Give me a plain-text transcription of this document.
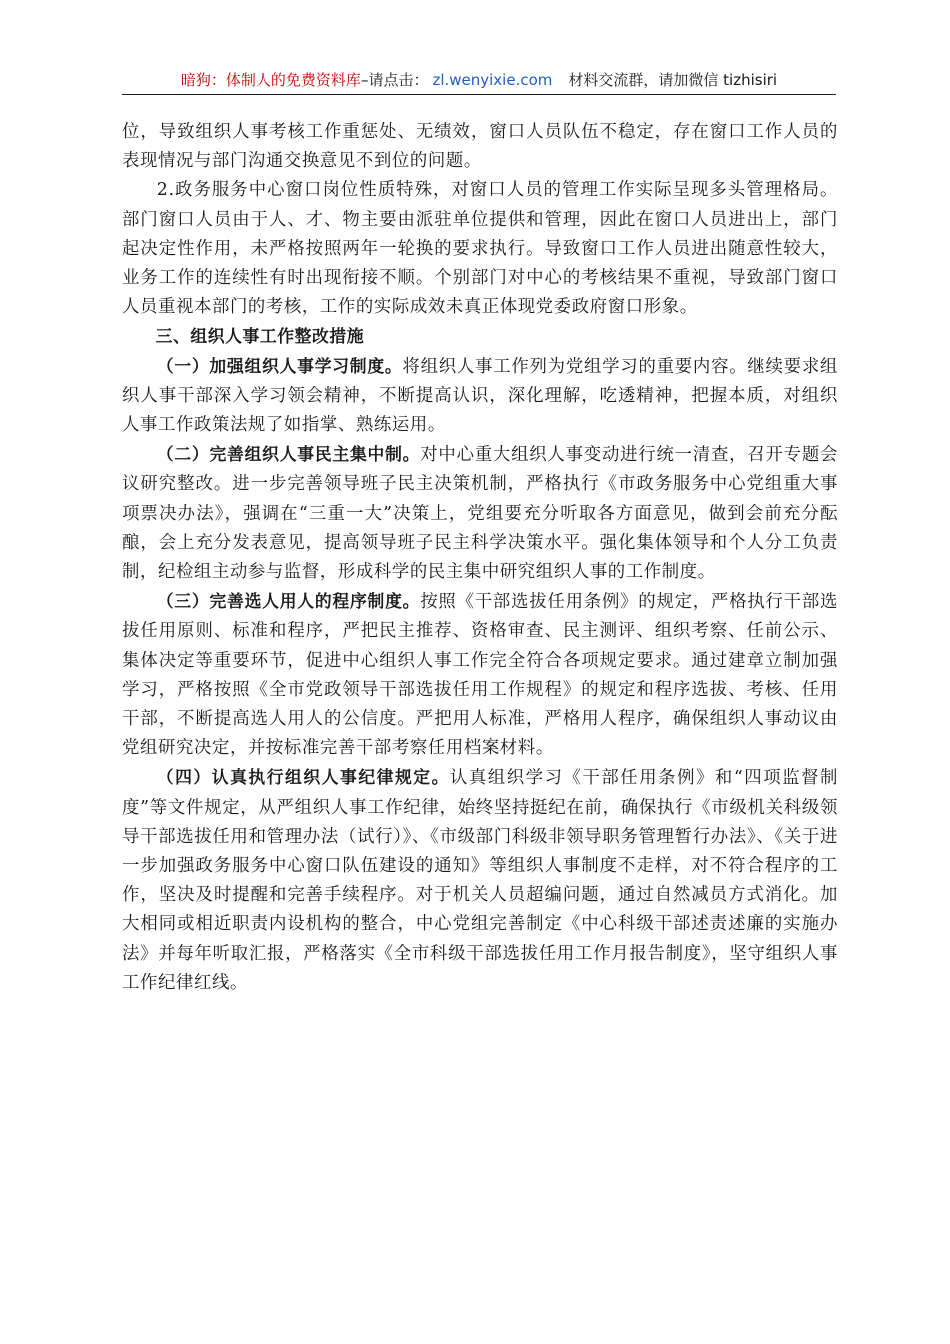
暗狗：体制人的免费资料库–请点击： zl.wenyixie.com 材料交流群，请加微信 tizhisiri

位，导致组织人事考核工作重惩处、无绩效，窗口人员队伍不稳定，存在窗口工作人员的表现情况与部门沟通交换意见不到位的问题。

2.政务服务中心窗口岗位性质特殊，对窗口人员的管理工作实际呈现多头管理格局。部门窗口人员由于人、才、物主要由派驻单位提供和管理，因此在窗口人员进出上，部门起决定性作用，未严格按照两年一轮换的要求执行。导致窗口工作人员进出随意性较大，业务工作的连续性有时出现衔接不顺。个别部门对中心的考核结果不重视，导致部门窗口人员重视本部门的考核，工作的实际成效未真正体现党委政府窗口形象。

三、组织人事工作整改措施

（一）加强组织人事学习制度。将组织人事工作列为党组学习的重要内容。继续要求组织人事干部深入学习领会精神，不断提高认识，深化理解，吃透精神，把握本质，对组织人事工作政策法规了如指掌、熟练运用。

（二）完善组织人事民主集中制。对中心重大组织人事变动进行统一清查，召开专题会议研究整改。进一步完善领导班子民主决策机制，严格执行《市政务服务中心党组重大事项票决办法》，强调在“三重一大”决策上，党组要充分听取各方面意见，做到会前充分酝酿，会上充分发表意见，提高领导班子民主科学决策水平。强化集体领导和个人分工负责制，纪检组主动参与监督，形成科学的民主集中研究组织人事的工作制度。

（三）完善选人用人的程序制度。按照《干部选拔任用条例》的规定，严格执行干部选拔任用原则、标准和程序，严把民主推荐、资格审查、民主测评、组织考察、任前公示、集体决定等重要环节，促进中心组织人事工作完全符合各项规定要求。通过建章立制加强学习，严格按照《全市党政领导干部选拔任用工作规程》的规定和程序选拔、考核、任用干部，不断提高选人用人的公信度。严把用人标准，严格用人程序，确保组织人事动议由党组研究决定，并按标准完善干部考察任用档案材料。

（四）认真执行组织人事纪律规定。认真组织学习《干部任用条例》和“四项监督制度”等文件规定，从严组织人事工作纪律，始终坚持挺纪在前，确保执行《市级机关科级领导干部选拔任用和管理办法（试行）》、《市级部门科级非领导职务管理暂行办法》、《关于进一步加强政务服务中心窗口队伍建设的通知》等组织人事制度不走样，对不符合程序的工作，坚决及时提醒和完善手续程序。对于机关人员超编问题，通过自然减员方式消化。加大相同或相近职责内设机构的整合，中心党组完善制定《中心科级干部述责述廉的实施办法》并每年听取汇报，严格落实《全市科级干部选拔任用工作月报告制度》，坚守组织人事工作纪律红线。
